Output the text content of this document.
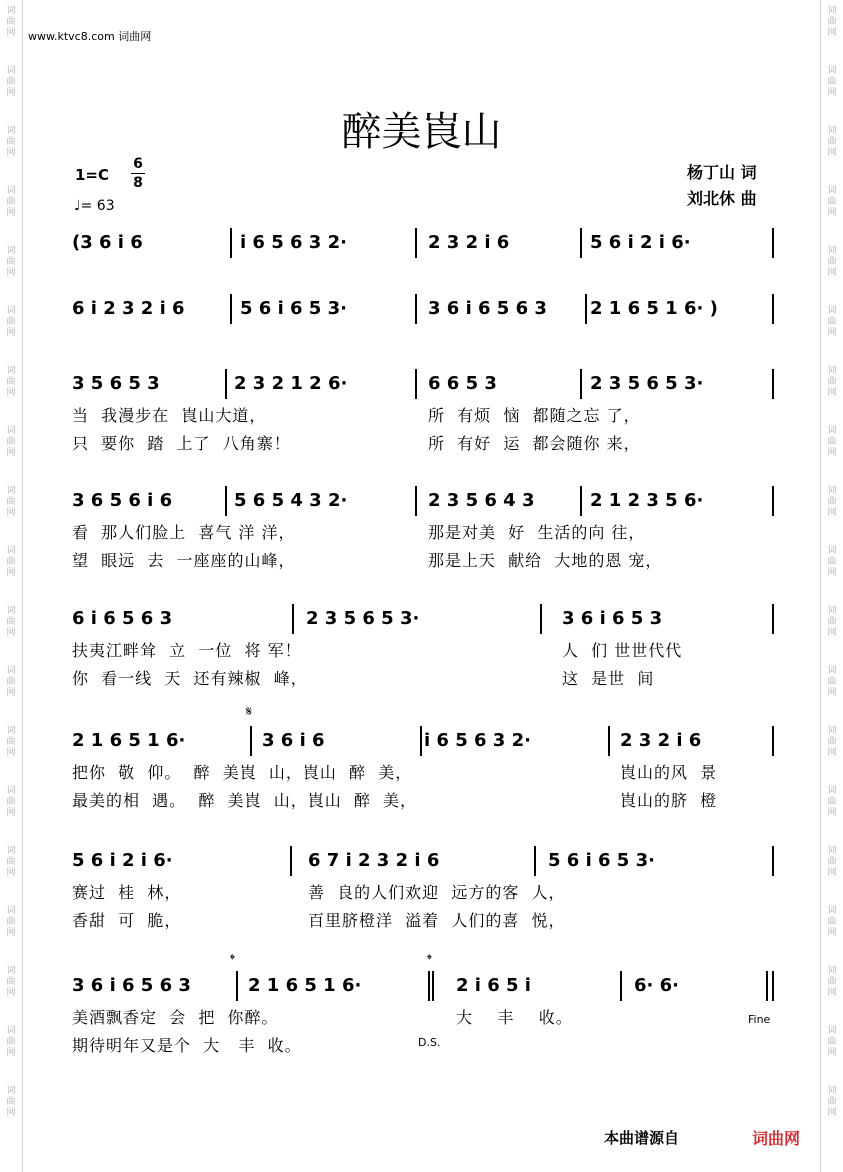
词
曲
网
词
曲
网
词
曲
网
词
曲
网
词
曲
网
词
曲
网
词
曲
网
词
曲
网
词
曲
网
词
曲
网
词
曲
网
词
曲
网
词
曲
网
词
曲
网
词
曲
网
词
曲
网
词
曲
网
词
曲
网
词
曲
网
词
曲
网
词
曲
网
词
曲
网
词
曲
网
词
曲
网
词
曲
网
词
曲
网
词
曲
网
词
曲
网
词
曲
网
词
曲
网
词
曲
网
词
曲
网
词
曲
网
词
曲
网
词
曲
网
词
曲
网
词
曲
网
词
曲
网
www.ktvc8.com 词曲网
醉美崀山
1=C
6
8
♩= 63
杨丁山 词
刘北休 曲
(3 6 i 6	i 6 5 6 3 2·	2 3 2 i 6	5 6 i 2 i 6·
6 i 2 3 2 i 6	5 6 i 6 5 3·	3 6 i 6 5 6 3 2 1 6 5 1 6· )
3 5 6 5 3	2 3 2 1 2 6·	6 6 5 3	2 3 5 6 5 3·
当  我漫步在  崀山大道，	所  有烦  恼  都随之忘 了，
只  要你  踏  上了  八角寨！	所  有好  运  都会随你 来，
3 6 5 6 i 6	5 6 5 4 3 2·	2 3 5 6 4 3	2 1 2 3 5 6·
看  那人们脸上  喜气 洋 洋，	那是对美  好  生活的向 往，
望  眼远  去  一座座的山峰，	那是上天  献给  大地的恩 宠，
6 i 6 5 6 3	2 3 5 6 5 3·	3 6 i 6 5 3
扶夷江畔耸  立  一位  将 军！	人  们 世世代代
你  看一线  天  还有辣椒  峰，	这  是世  间
2 1 6 5 1 6·	3 6 i 6	i 6 5 6 3 2·	2 3 2 i 6
把你  敬  仰。  醉  美崀  山，崀山  醉  美，	崀山的风  景
最美的相  遇。  醉  美崀  山，崀山  醉  美，	崀山的脐  橙
5 6 i 2 i 6·	6 7 i 2 3 2 i 6	5 6 i 6 5 3·
赛过  桂  林，	善  良的人们欢迎  远方的客  人，
香甜  可  脆，	百里脐橙洋  溢着  人们的喜  悦，
3 6 i 6 5 6 3	2 1 6 5 1 6·	2 i 6 5 i	6· 6·
美酒飘香定  会  把  你醉。	大    丰    收。
期待明年又是个  大   丰  收。
𝄋
𝄌	𝄌
Fine
D.S.
本曲谱源自	词曲网
